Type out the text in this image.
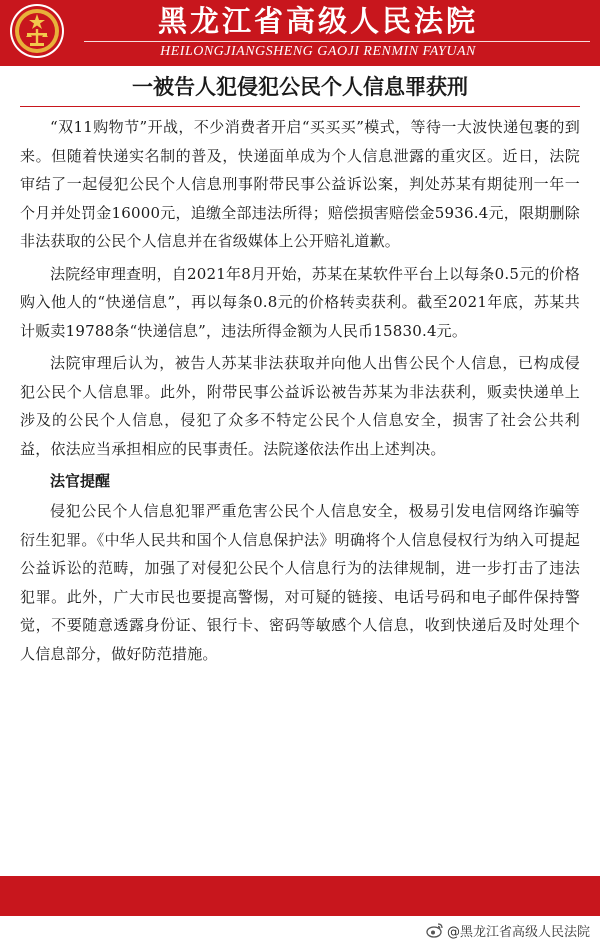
黑龙江省高级人民法院
HEILONGJIANGSHENG GAOJI RENMIN FAYUAN
一被告人犯侵犯公民个人信息罪获刑

“双11购物节”开战，不少消费者开启“买买买”模式，等待一大波快递包裹的到来。但随着快递实名制的普及，快递面单成为个人信息泄露的重灾区。近日，法院审结了一起侵犯公民个人信息刑事附带民事公益诉讼案，判处苏某有期徒刑一年一个月并处罚金16000元，追缴全部违法所得；赔偿损害赔偿金5936.4元，限期删除非法获取的公民个人信息并在省级媒体上公开赔礼道歉。

法院经审理查明，自2021年8月开始，苏某在某软件平台上以每条0.5元的价格购入他人的“快递信息”，再以每条0.8元的价格转卖获利。截至2021年底，苏某共计贩卖19788条“快递信息”，违法所得金额为人民币15830.4元。

法院审理后认为，被告人苏某非法获取并向他人出售公民个人信息，已构成侵犯公民个人信息罪。此外，附带民事公益诉讼被告苏某为非法获利，贩卖快递单上涉及的公民个人信息，侵犯了众多不特定公民个人信息安全，损害了社会公共利益，依法应当承担相应的民事责任。法院遂依法作出上述判决。

法官提醒

侵犯公民个人信息犯罪严重危害公民个人信息安全，极易引发电信网络诈骗等衍生犯罪。《中华人民共和国个人信息保护法》明确将个人信息侵权行为纳入可提起公益诉讼的范畴，加强了对侵犯公民个人信息行为的法律规制，进一步打击了违法犯罪。此外，广大市民也要提高警惕，对可疑的链接、电话号码和电子邮件保持警觉，不要随意透露身份证、银行卡、密码等敏感个人信息，收到快递后及时处理个人信息部分，做好防范措施。

@黑龙江省高级人民法院
